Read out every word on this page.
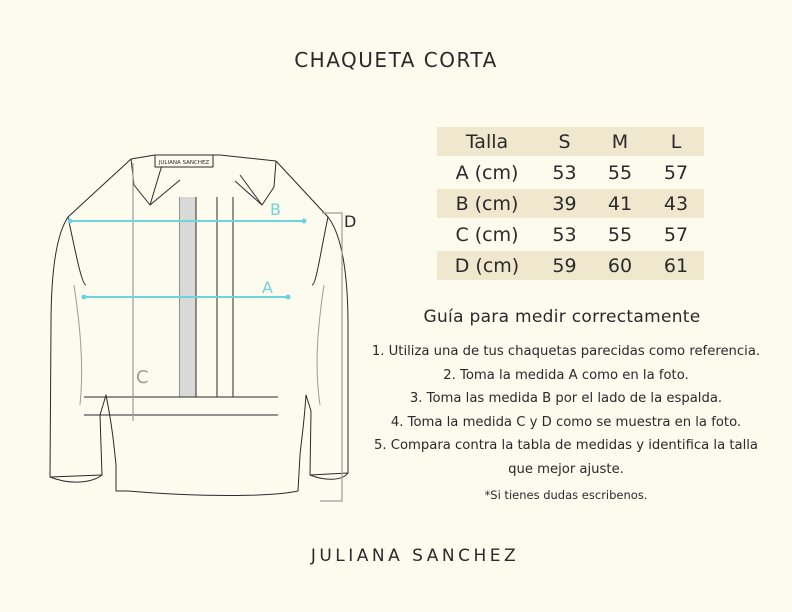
CHAQUETA CORTA
JULIANA SANCHEZ
B
A
C
D
Talla	S	M	L
A (cm)	53	55	57
B (cm)	39	41	43
C (cm)	53	55	57
D (cm)	59	60	61
Guía para medir correctamente
1. Utiliza una de tus chaquetas parecidas como referencia.
2. Toma la medida A como en la foto.
3. Toma las medida B por el lado de la espalda.
4. Toma la medida C y D como se muestra en la foto.
5. Compara contra la tabla de medidas y identifica la talla
que mejor ajuste.
*Si tienes dudas escribenos.
JULIANA SANCHEZ
